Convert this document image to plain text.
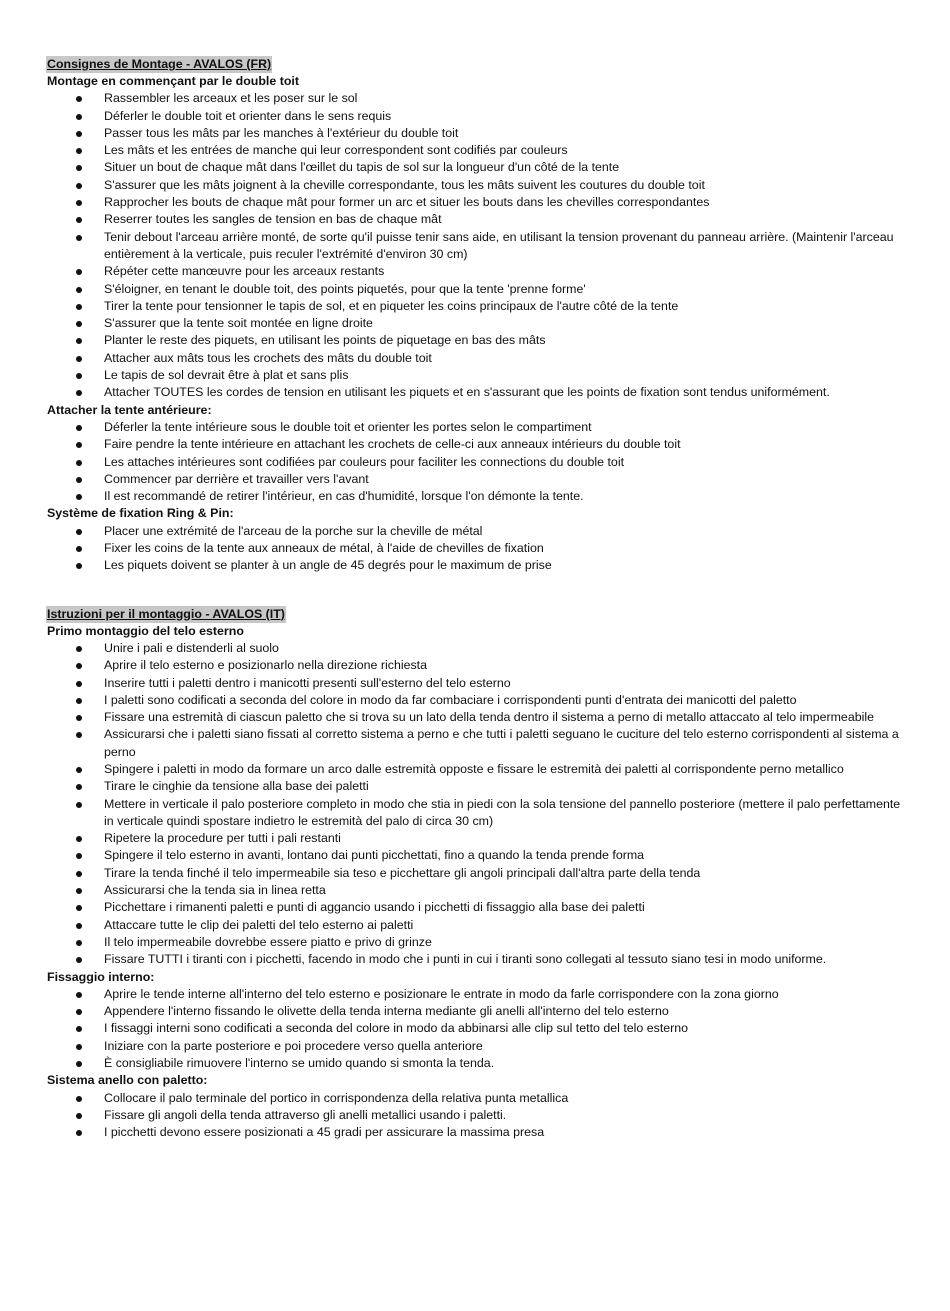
Consignes de Montage - AVALOS (FR)
Montage en commençant par le double toit
Rassembler les arceaux et les poser sur le sol
Déferler le double toit et orienter dans le sens requis
Passer tous les mâts par les manches à l'extérieur du double toit
Les mâts et les entrées de manche qui leur correspondent sont codifiés par couleurs
Situer un bout de chaque mât dans l'œillet du tapis de sol sur la longueur d'un côté de la tente
S'assurer que les mâts joignent à la cheville correspondante, tous les mâts suivent les coutures du double toit
Rapprocher les bouts de chaque mât pour former un arc et situer les bouts dans les chevilles correspondantes
Reserrer toutes les sangles de tension en bas de chaque mât
Tenir debout l'arceau arrière monté, de sorte qu'il puisse tenir sans aide, en utilisant la tension provenant du panneau arrière. (Maintenir l'arceau entièrement à la verticale, puis reculer l'extrémité d'environ 30 cm)
Répéter cette manœuvre pour les arceaux restants
S'éloigner, en tenant le double toit, des points piquetés, pour que la tente 'prenne forme'
Tirer la tente pour tensionner le tapis de sol, et en piqueter les coins principaux de l'autre côté de la tente
S'assurer que la tente soit montée en ligne droite
Planter le reste des piquets, en utilisant les points de piquetage en bas des mâts
Attacher aux mâts tous les crochets des mâts du double toit
Le tapis de sol devrait être à plat et sans plis
Attacher TOUTES les cordes de tension en utilisant les piquets et en s'assurant que les points de fixation sont tendus uniformément.
Attacher la tente antérieure:
Déferler la tente intérieure sous le double toit et orienter les portes selon le compartiment
Faire pendre la tente intérieure en attachant les crochets de celle-ci aux anneaux intérieurs du double toit
Les attaches intérieures sont codifiées par couleurs pour faciliter les connections du double toit
Commencer par derrière et travailler vers l'avant
Il est recommandé de retirer l'intérieur, en cas d'humidité, lorsque l'on démonte la tente.
Système de fixation Ring & Pin:
Placer une extrémité de l'arceau de la porche sur la cheville de métal
Fixer les coins de la tente aux anneaux de métal, à l'aide de chevilles de fixation
Les piquets doivent se planter à un angle de 45 degrés pour le maximum de prise
Istruzioni per il montaggio - AVALOS (IT)
Primo montaggio del telo esterno
Unire i pali e distenderli al suolo
Aprire il telo esterno e posizionarlo nella direzione richiesta
Inserire tutti i paletti dentro i manicotti presenti sull'esterno del telo esterno
I paletti sono codificati a seconda del colore in modo da far combaciare i corrispondenti punti d'entrata dei manicotti del paletto
Fissare una estremità di ciascun paletto che si trova su un lato della tenda dentro il sistema a perno di metallo attaccato al telo impermeabile
Assicurarsi che i paletti siano fissati al corretto sistema a perno e che tutti i paletti seguano le cuciture del telo esterno corrispondenti al sistema a perno
Spingere i paletti in modo da formare un arco dalle estremità opposte e fissare le estremità dei paletti al corrispondente perno metallico
Tirare le cinghie da tensione alla base dei paletti
Mettere in verticale il palo posteriore completo in modo che stia in piedi con la sola tensione del pannello posteriore (mettere il palo perfettamente in verticale quindi spostare indietro le estremità del palo di circa 30 cm)
Ripetere la procedure per tutti i pali restanti
Spingere il telo esterno in avanti, lontano dai punti picchettati, fino a quando la tenda prende forma
Tirare la tenda finché il telo impermeabile sia teso e picchettare gli angoli principali dall'altra parte della tenda
Assicurarsi che la tenda sia in linea retta
Picchettare i rimanenti paletti e punti di aggancio usando i picchetti di fissaggio alla base dei paletti
Attaccare tutte le clip dei paletti del telo esterno ai paletti
Il telo impermeabile dovrebbe essere piatto e privo di grinze
Fissare TUTTI i tiranti con i picchetti, facendo in modo che i punti in cui i tiranti sono collegati al tessuto siano tesi in modo uniforme.
Fissaggio interno:
Aprire le tende interne all'interno del telo esterno e posizionare le entrate in modo da farle corrispondere con la zona giorno
Appendere l'interno fissando le olivette della tenda interna mediante gli anelli all'interno del telo esterno
I fissaggi interni sono codificati a seconda del colore in modo da abbinarsi alle clip sul tetto del telo esterno
Iniziare con la parte posteriore e poi procedere verso quella anteriore
È consigliabile rimuovere l'interno se umido quando si smonta la tenda.
Sistema anello con paletto:
Collocare il palo terminale del portico in corrispondenza della relativa punta metallica
Fissare gli angoli della tenda attraverso gli anelli metallici usando i paletti.
I picchetti devono essere posizionati a 45 gradi per assicurare la massima presa
